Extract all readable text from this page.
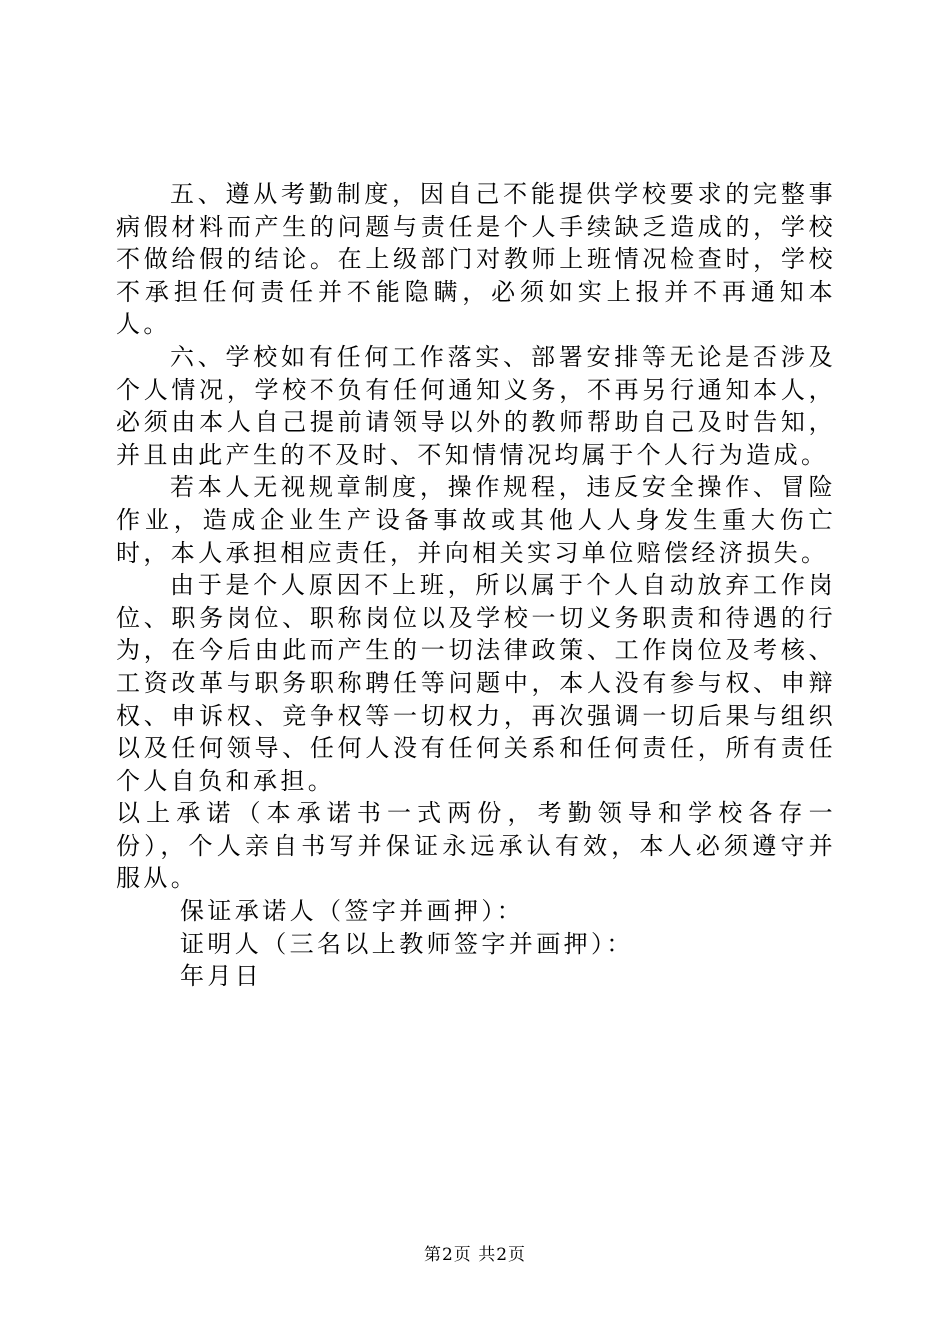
五、遵从考勤制度，因自己不能提供学校要求的完整事病假材料而产生的问题与责任是个人手续缺乏造成的，学校不做给假的结论。在上级部门对教师上班情况检查时，学校不承担任何责任并不能隐瞒，必须如实上报并不再通知本人。

六、学校如有任何工作落实、部署安排等无论是否涉及个人情况，学校不负有任何通知义务，不再另行通知本人，必须由本人自己提前请领导以外的教师帮助自己及时告知，并且由此产生的不及时、不知情情况均属于个人行为造成。

若本人无视规章制度，操作规程，违反安全操作、冒险作业，造成企业生产设备事故或其他人人身发生重大伤亡时，本人承担相应责任，并向相关实习单位赔偿经济损失。

由于是个人原因不上班，所以属于个人自动放弃工作岗位、职务岗位、职称岗位以及学校一切义务职责和待遇的行为，在今后由此而产生的一切法律政策、工作岗位及考核、工资改革与职务职称聘任等问题中，本人没有参与权、申辩权、申诉权、竞争权等一切权力，再次强调一切后果与组织以及任何领导、任何人没有任何关系和任何责任，所有责任个人自负和承担。

以上承诺（本承诺书一式两份，考勤领导和学校各存一份），个人亲自书写并保证永远承认有效，本人必须遵守并服从。

保证承诺人（签字并画押）：

证明人（三名以上教师签字并画押）：

年月日

第2页 共2页
